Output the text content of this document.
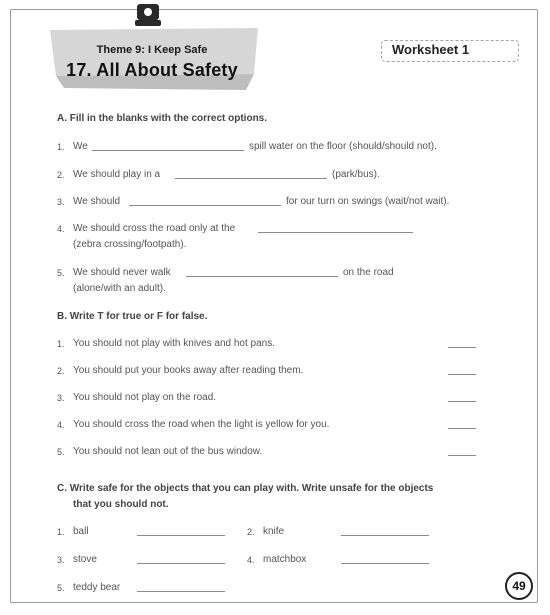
Theme 9: I Keep Safe
17. All About Safety
Worksheet 1
A. Fill in the blanks with the correct options.
1. We	spill water on the floor (should/should not).
2. We should play in a	(park/bus).
3. We should	for our turn on swings (wait/not wait).
4. We should cross the road only at the
(zebra crossing/footpath).
5. We should never walk	on the road
(alone/with an adult).
B. Write T for true or F for false.
1. You should not play with knives and hot pans.
2. You should put your books away after reading them.
3. You should not play on the road.
4. You should cross the road when the light is yellow for you.
5. You should not lean out of the bus window.
C. Write safe for the objects that you can play with. Write unsafe for the objects
that you should not.
1. ball	2. knife
3. stove	4. matchbox
5. teddy bear	49
